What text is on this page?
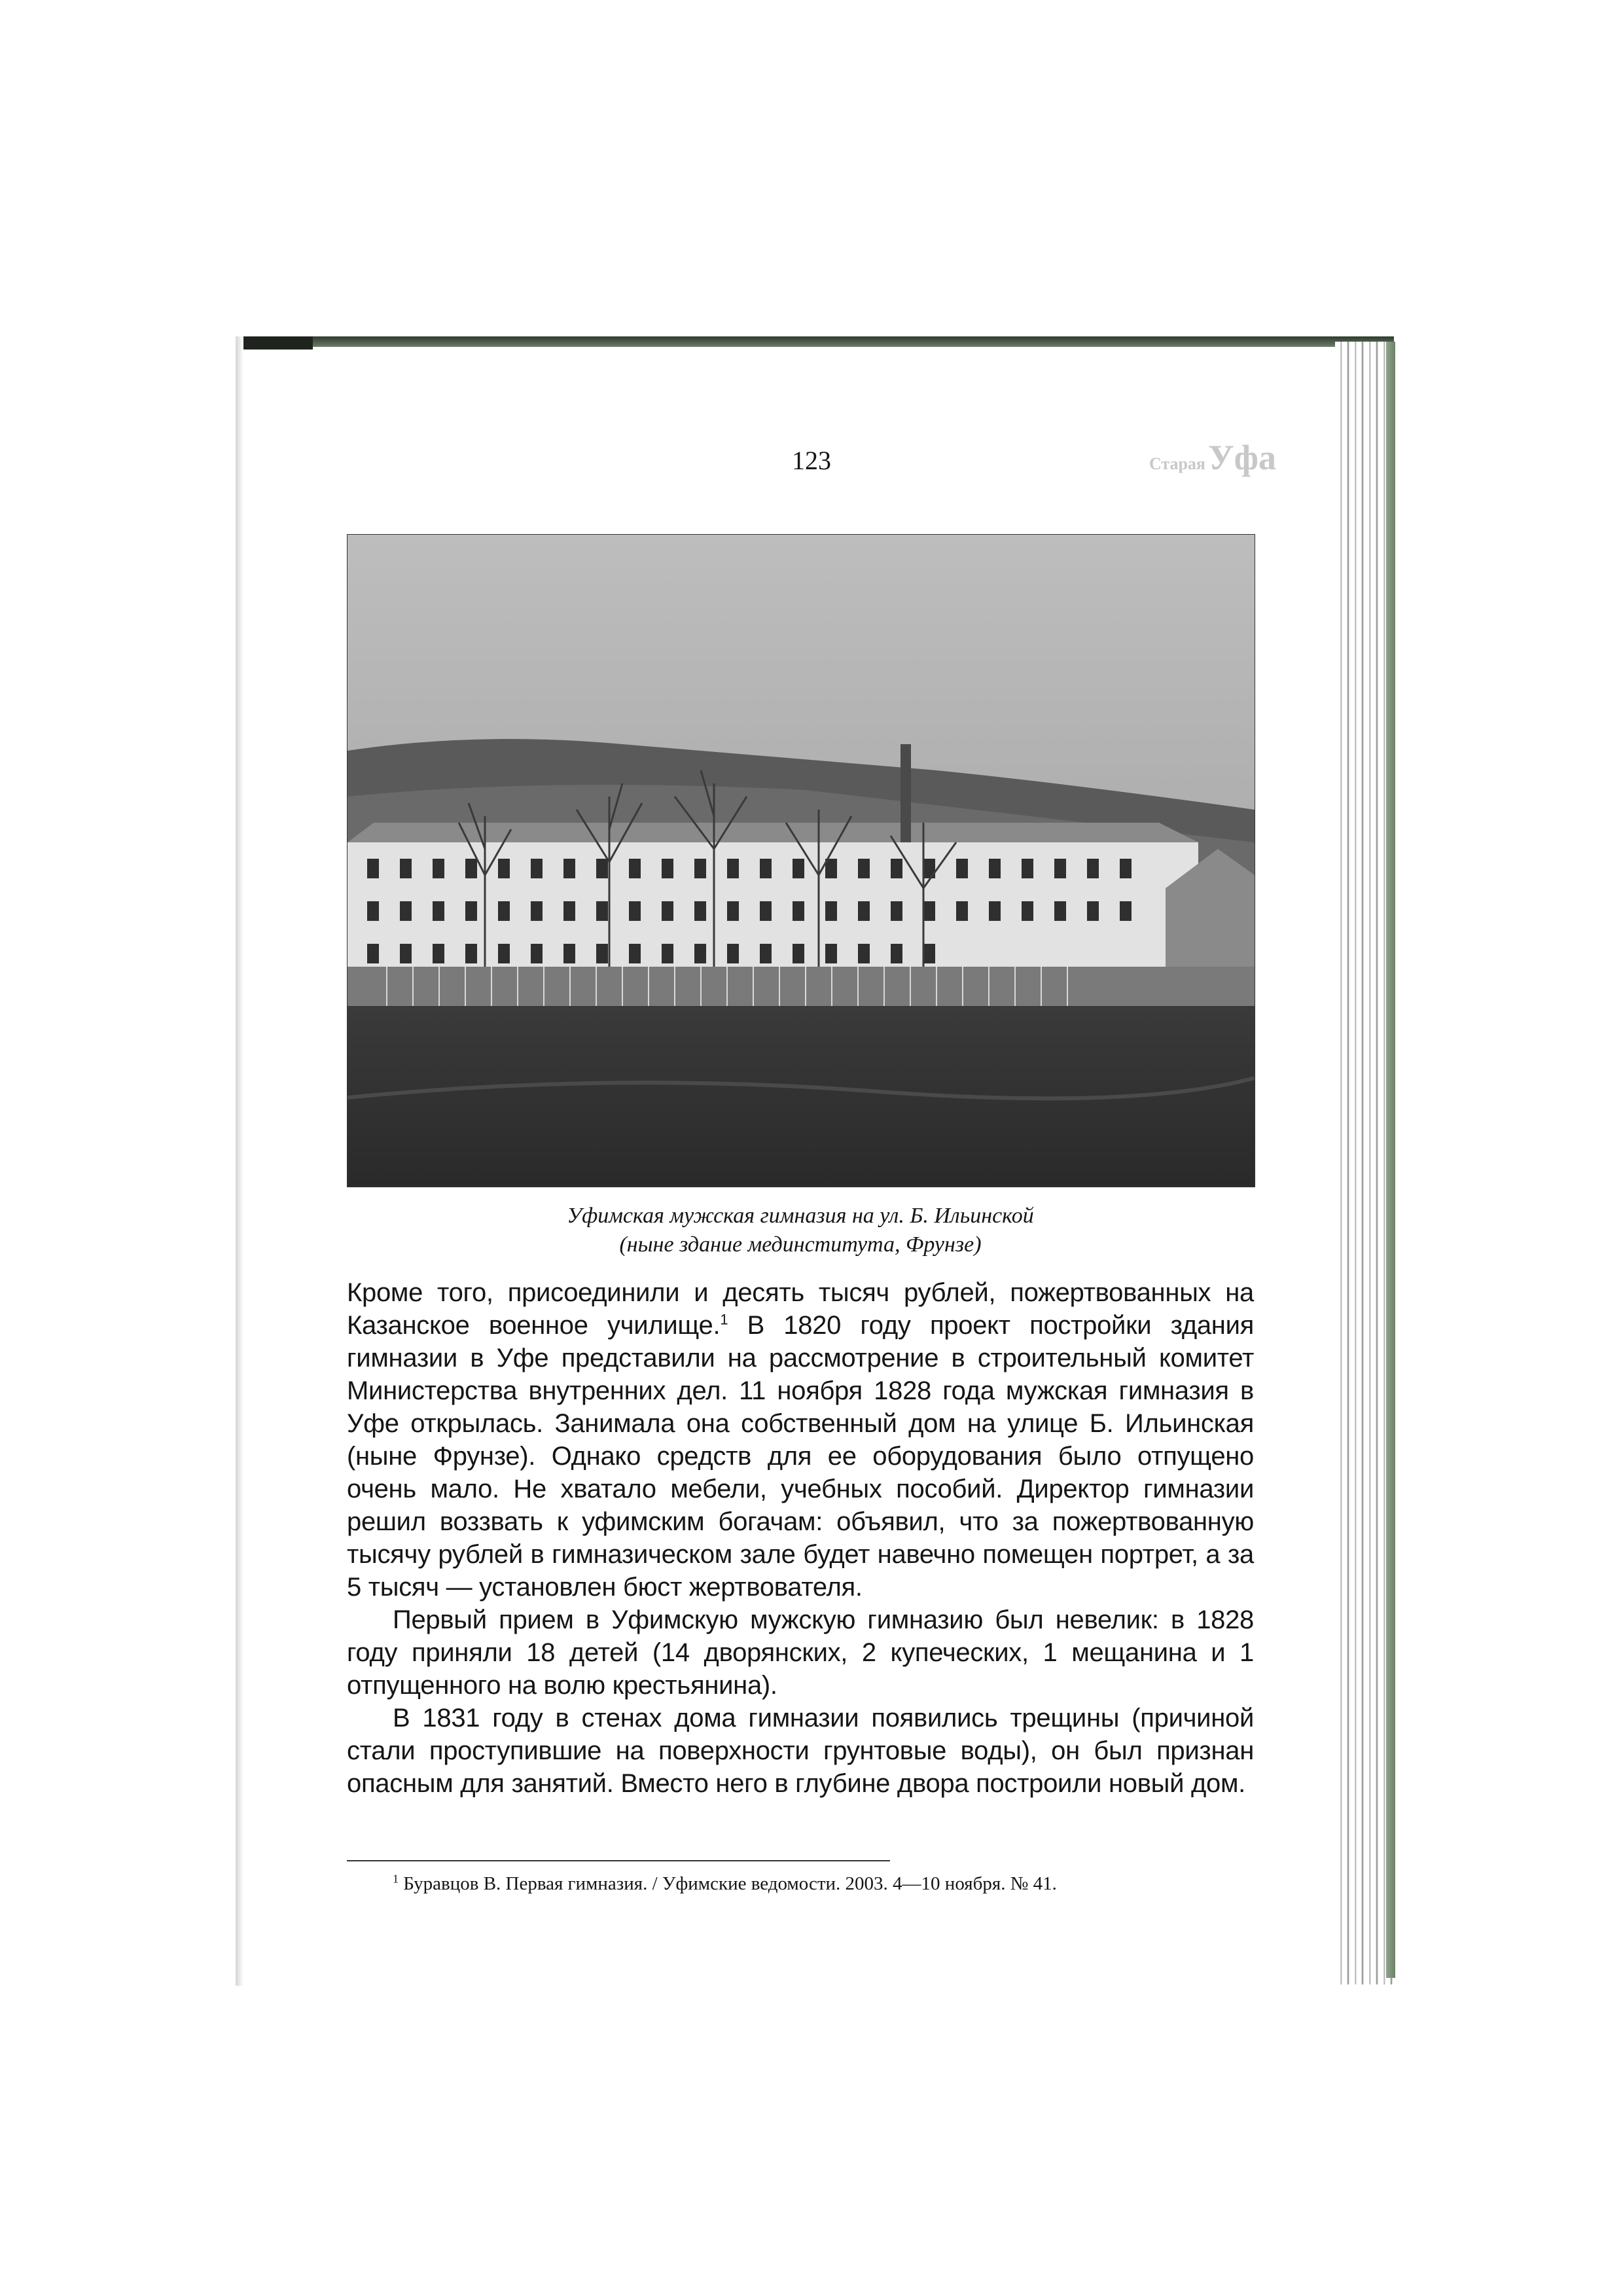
123	Старая Уфа
Уфимская мужская гимназия на ул. Б. Ильинской
(ныне здание мединститута, Фрунзе)

Кроме того, присоединили и десять тысяч рублей, пожертвованных на Казанское военное училище.$^1$ В 1820 году проект постройки здания гимназии в Уфе представили на рассмотрение в строительный комитет Министерства внутренних дел. 11 ноября 1828 года мужская гимназия в Уфе открылась. Занимала она собственный дом на улице Б. Ильинская (ныне Фрунзе). Однако средств для ее оборудования было отпущено очень мало. Не хватало мебели, учебных пособий. Директор гимназии решил воззвать к уфимским богачам: объявил, что за пожертвованную тысячу рублей в гимназическом зале будет навечно помещен портрет, а за 5 тысяч — установлен бюст жертвователя.

Первый прием в Уфимскую мужскую гимназию был невелик: в 1828 году приняли 18 детей (14 дворянских, 2 купеческих, 1 мещанина и 1 отпущенного на волю крестьянина).

В 1831 году в стенах дома гимназии появились трещины (причиной стали проступившие на поверхности грунтовые воды), он был признан опасным для занятий. Вместо него в глубине двора построили новый дом.

$^1$ Буравцов В. Первая гимназия. / Уфимские ведомости. 2003. 4—10 ноября. № 41.
